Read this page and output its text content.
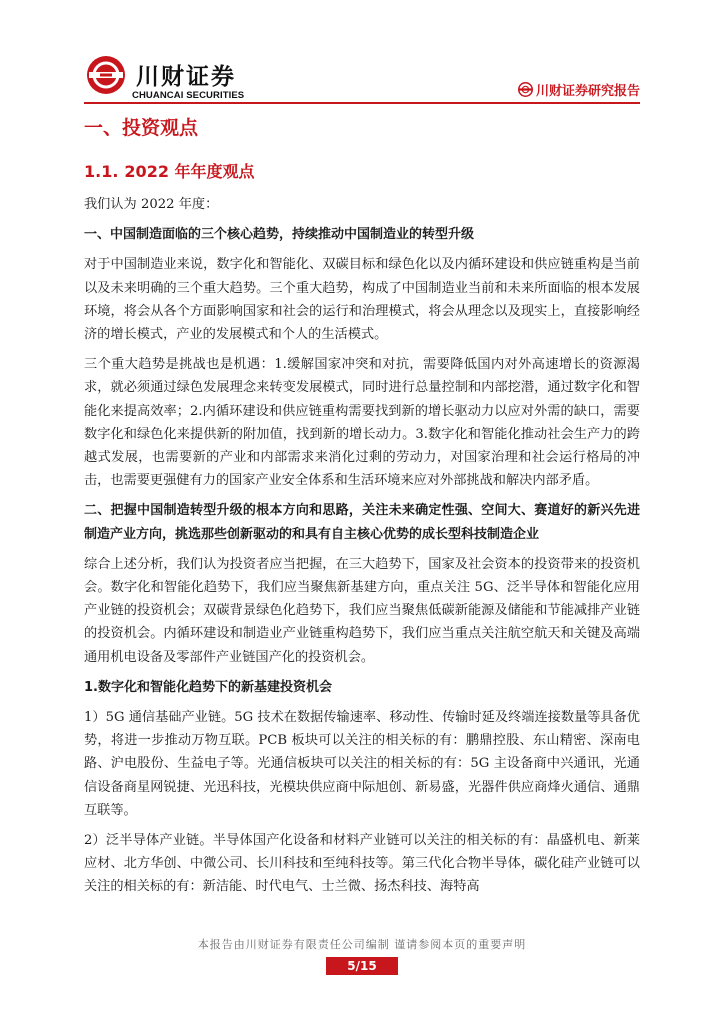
川财证券
CHUANCAI SECURITIES	川财证券研究报告
一、投资观点
1.1. 2022 年年度观点

我们认为 2022 年度：

一、中国制造面临的三个核心趋势，持续推动中国制造业的转型升级

对于中国制造业来说，数字化和智能化、双碳目标和绿色化以及内循环建设和供应链重构是当前以及未来明确的三个重大趋势。三个重大趋势，构成了中国制造业当前和未来所面临的根本发展环境，将会从各个方面影响国家和社会的运行和治理模式，将会从理念以及现实上，直接影响经济的增长模式，产业的发展模式和个人的生活模式。

三个重大趋势是挑战也是机遇：1.缓解国家冲突和对抗，需要降低国内对外高速增长的资源渴求，就必须通过绿色发展理念来转变发展模式，同时进行总量控制和内部挖潜，通过数字化和智能化来提高效率；2.内循环建设和供应链重构需要找到新的增长驱动力以应对外需的缺口，需要数字化和绿色化来提供新的附加值，找到新的增长动力。3.数字化和智能化推动社会生产力的跨越式发展，也需要新的产业和内部需求来消化过剩的劳动力，对国家治理和社会运行格局的冲击，也需要更强健有力的国家产业安全体系和生活环境来应对外部挑战和解决内部矛盾。

二、把握中国制造转型升级的根本方向和思路，关注未来确定性强、空间大、赛道好的新兴先进制造产业方向，挑选那些创新驱动的和具有自主核心优势的成长型科技制造企业

综合上述分析，我们认为投资者应当把握，在三大趋势下，国家及社会资本的投资带来的投资机会。数字化和智能化趋势下，我们应当聚焦新基建方向，重点关注 5G、泛半导体和智能化应用产业链的投资机会；双碳背景绿色化趋势下，我们应当聚焦低碳新能源及储能和节能减排产业链的投资机会。内循环建设和制造业产业链重构趋势下，我们应当重点关注航空航天和关键及高端通用机电设备及零部件产业链国产化的投资机会。

1.数字化和智能化趋势下的新基建投资机会

1）5G 通信基础产业链。5G 技术在数据传输速率、移动性、传输时延及终端连接数量等具备优势，将进一步推动万物互联。PCB 板块可以关注的相关标的有：鹏鼎控股、东山精密、深南电路、沪电股份、生益电子等。光通信板块可以关注的相关标的有：5G 主设备商中兴通讯，光通信设备商星网锐捷、光迅科技，光模块供应商中际旭创、新易盛，光器件供应商烽火通信、通鼎互联等。

2）泛半导体产业链。半导体国产化设备和材料产业链可以关注的相关标的有：晶盛机电、新莱应材、北方华创、中微公司、长川科技和至纯科技等。第三代化合物半导体，碳化硅产业链可以关注的相关标的有：新洁能、时代电气、士兰微、扬杰科技、海特高

本报告由川财证券有限责任公司编制 谨请参阅本页的重要声明
5/15
